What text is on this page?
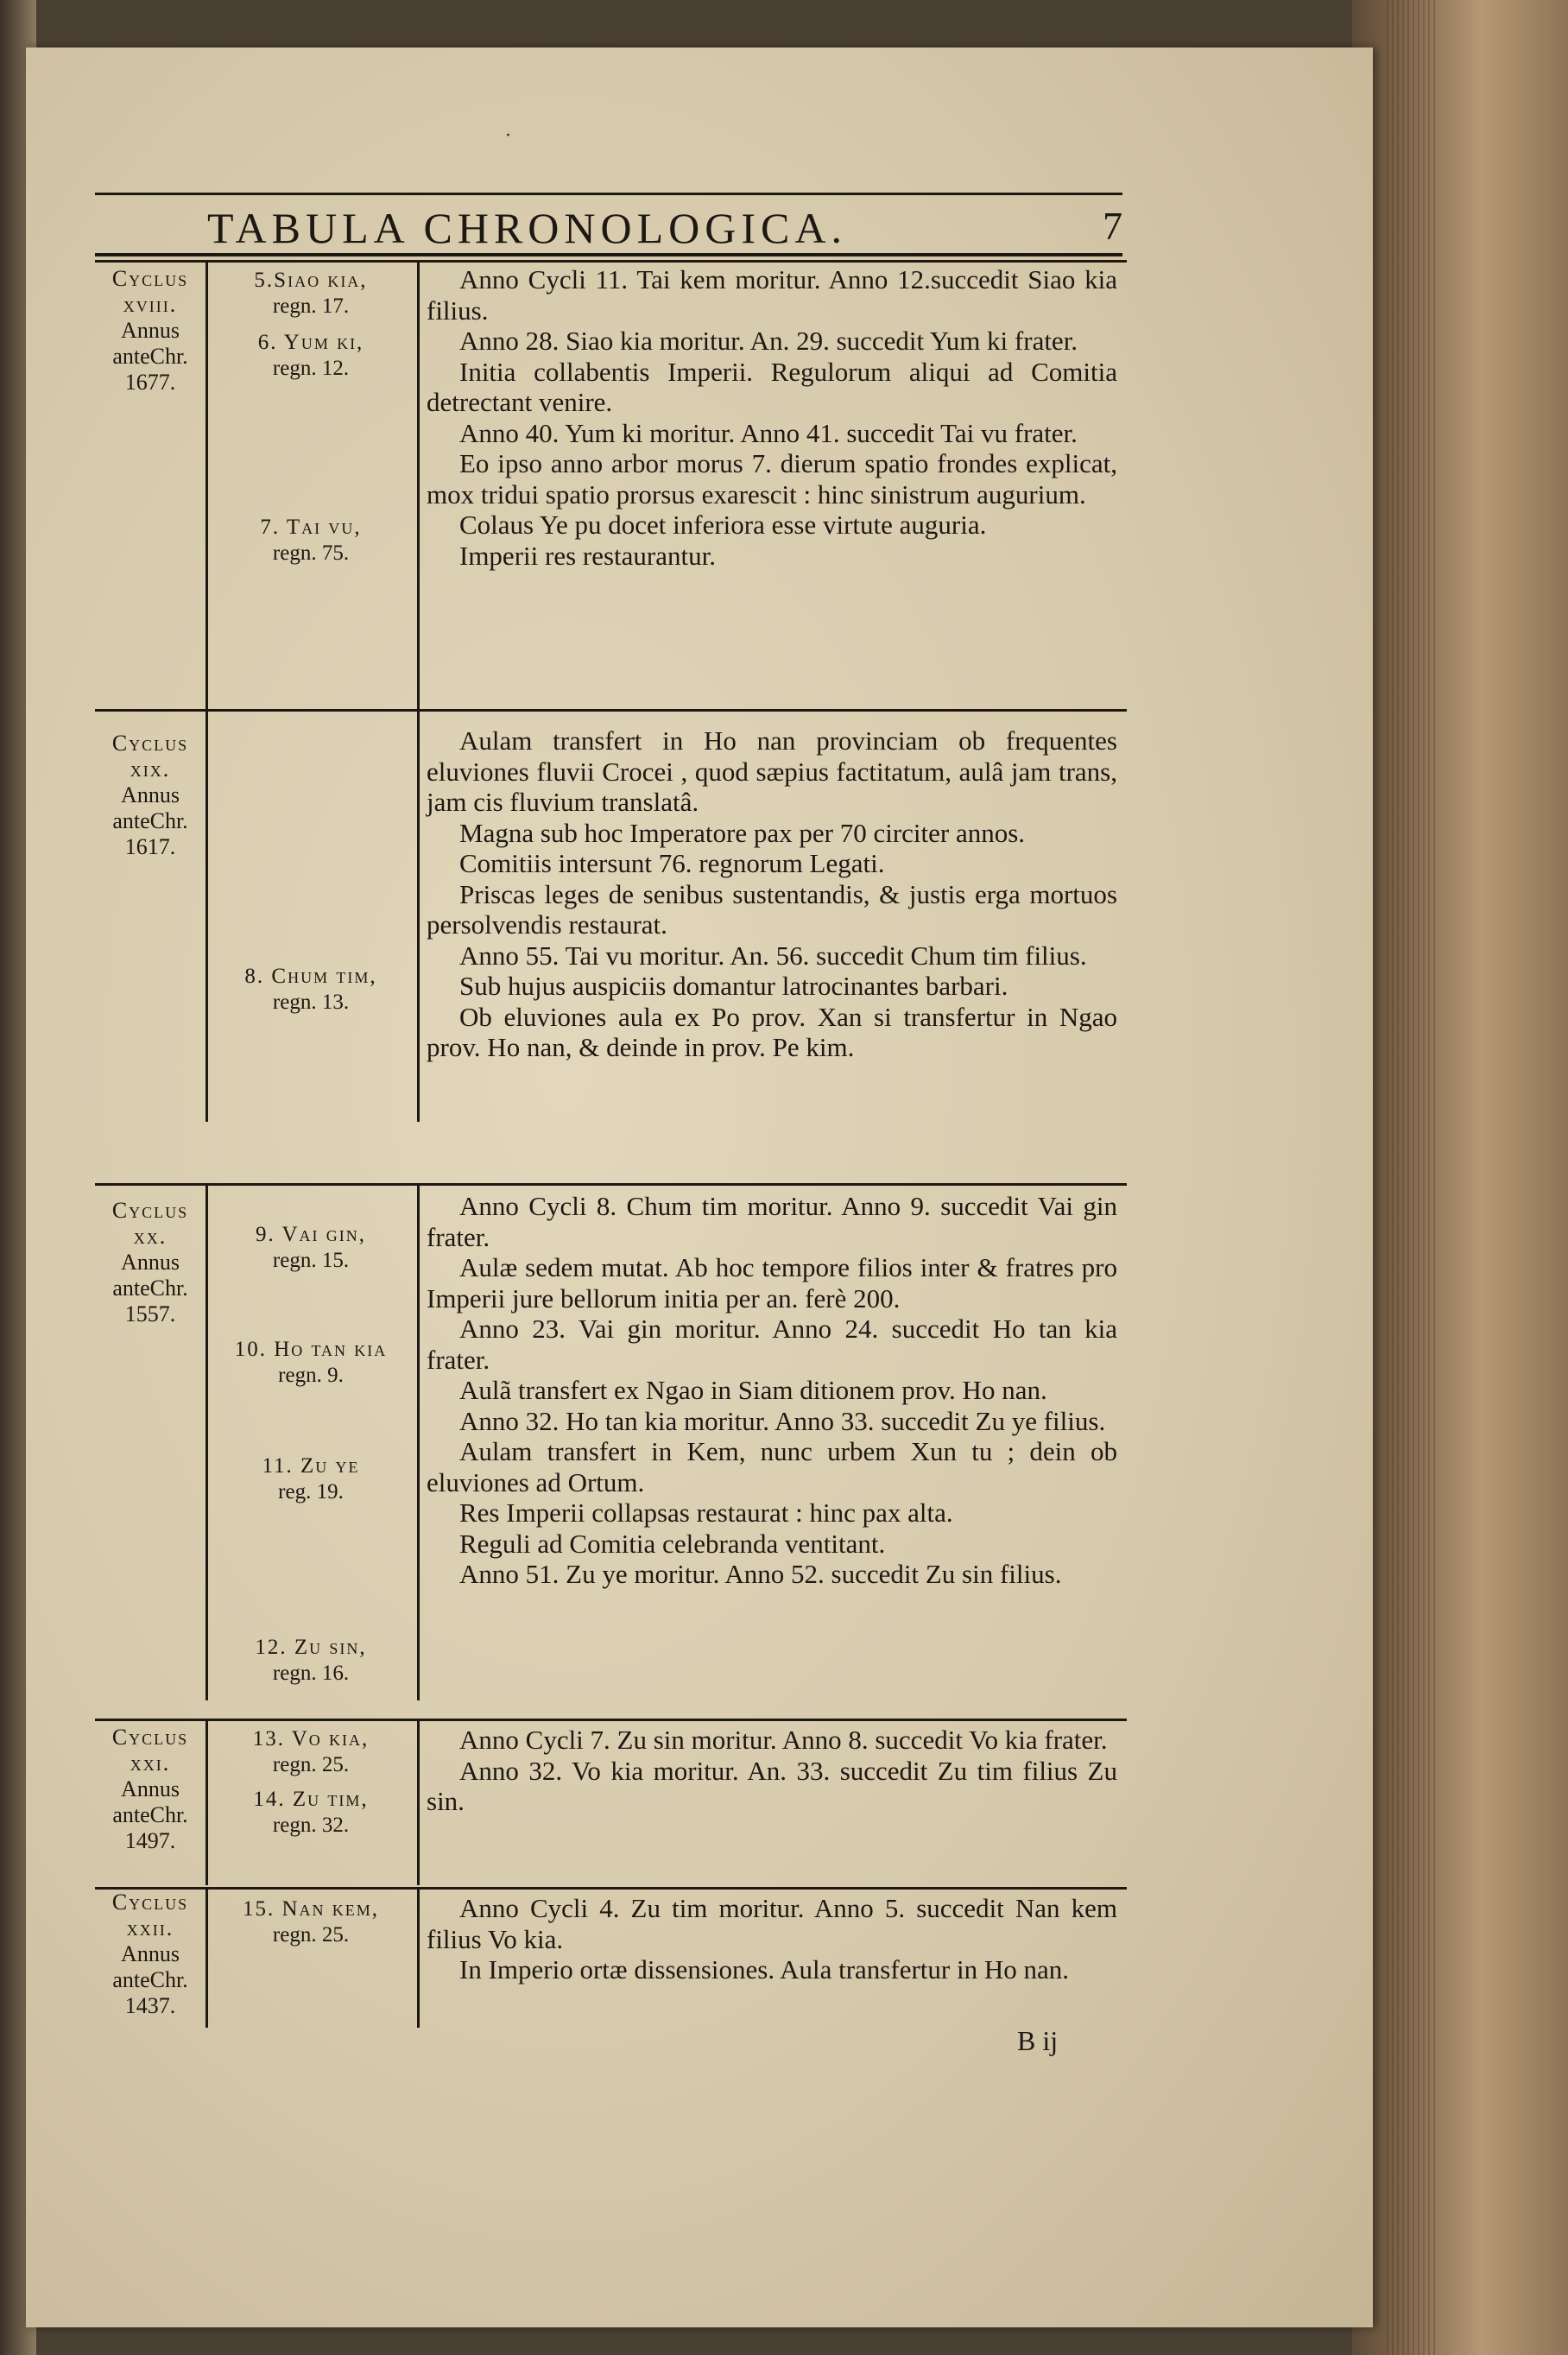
·
TABULA CHRONOLOGICA.	7
Cyclus
xviii.
Annus
anteChr.
1677.
5.Siao kia,
regn. 17.
6. Yum ki,
regn. 12.
7. Tai vu,
regn. 75.

Anno Cycli 11. Tai kem moritur. Anno 12.succedit Siao kia filius.

Anno 28. Siao kia moritur. An. 29. succedit Yum ki frater.

Initia collabentis Imperii. Regulorum aliqui ad Comitia detrectant venire.

Anno 40. Yum ki moritur. Anno 41. succedit Tai vu frater.

Eo ipso anno arbor morus 7. dierum spatio frondes explicat, mox tridui spatio prorsus exarescit : hinc sinistrum augurium.

Colaus Ye pu docet inferiora esse virtute auguria.

Imperii res restaurantur.

Cyclus
xix.
Annus
anteChr.
1617.
8. Chum tim,
regn. 13.

Aulam transfert in Ho nan provinciam ob frequentes eluviones fluvii Crocei , quod sæpius factitatum, aulâ jam trans, jam cis fluvium translatâ.

Magna sub hoc Imperatore pax per 70 circiter annos.

Comitiis intersunt 76. regnorum Legati.

Priscas leges de senibus sustentandis, & justis erga mortuos persolvendis restaurat.

Anno 55. Tai vu moritur. An. 56. succedit Chum tim filius.

Sub hujus auspiciis domantur latrocinantes barbari.

Ob eluviones aula ex Po prov. Xan si transfertur in Ngao prov. Ho nan, & deinde in prov. Pe kim.

Cyclus
xx.
Annus
anteChr.
1557.
9. Vai gin,
regn. 15.
10. Ho tan kia
regn. 9.
11. Zu ye
reg. 19.
12. Zu sin,
regn. 16.

Anno Cycli 8. Chum tim moritur. Anno 9. succedit Vai gin frater.

Aulæ sedem mutat. Ab hoc tempore filios inter & fratres pro Imperii jure bellorum initia per an. ferè 200.

Anno 23. Vai gin moritur. Anno 24. succedit Ho tan kia frater.

Aulã transfert ex Ngao in Siam ditionem prov. Ho nan.

Anno 32. Ho tan kia moritur. Anno 33. succedit Zu ye filius.

Aulam transfert in Kem, nunc urbem Xun tu ; dein ob eluviones ad Ortum.

Res Imperii collapsas restaurat : hinc pax alta.

Reguli ad Comitia celebranda ventitant.

Anno 51. Zu ye moritur. Anno 52. succedit Zu sin filius.

Cyclus
xxi.
Annus
anteChr.
1497.
13. Vo kia,
regn. 25.
14. Zu tim,
regn. 32.

Anno Cycli 7. Zu sin moritur. Anno 8. succedit Vo kia frater.

Anno 32. Vo kia moritur. An. 33. succedit Zu tim filius Zu sin.

Cyclus
xxii.
Annus
anteChr.
1437.
15. Nan kem,
regn. 25.

Anno Cycli 4. Zu tim moritur. Anno 5. succedit Nan kem filius Vo kia.

In Imperio ortæ dissensiones. Aula transfertur in Ho nan.

B ij
